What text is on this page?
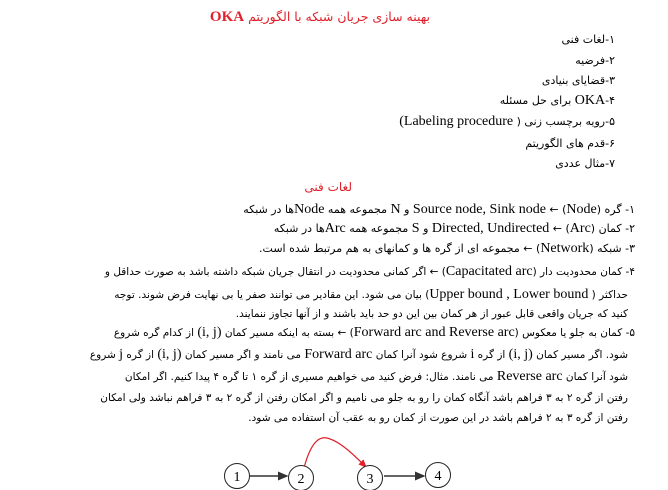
بهینه سازی جریان شبکه با الگوریتم OKA
۱-لغات فنی
۲-فرضیه
۳-قضایای بنیادی
۴-OKA برای حل مسئله
۵-رویه برچسب زنی ( Labeling procedure)
۶-قدم های الگوریتم
۷-مثال عددی
لغات فنی
۱- گره (Node) ← Source node, Sink node و N مجموعه همه Nodeها در شبکه
۲- کمان (Arc) ← Directed, Undirected و S مجموعه همه Arcها در شبکه
۳- شبکه (Network) ← مجموعه ای از گره ها و کمانهای به هم مرتبط شده است.
۴- کمان محدودیت دار (Capacitated arc) ← اگر کمانی محدودیت در انتقال جریان شبکه داشته باشد به صورت حداقل و
حداکثر ( Upper bound , Lower bound) بیان می شود. این مقادیر می توانند صفر یا بی نهایت فرض شوند. توجه
کنید که جریان واقعی قابل عبور از هر کمان بین این دو حد باید باشند و از آنها تجاوز ننمایند.
۵- کمان به جلو یا معکوس (Forward arc and Reverse arc) ← بسته به اینکه مسیر کمان (i, j) از کدام گره شروع
شود. اگر مسیر کمان (i, j) از گره i شروع شود آنرا کمان Forward arc می نامند و اگر مسیر کمان (i, j) از گره j شروع
شود آنرا کمان Reverse arc می نامند. مثال: فرض کنید می خواهیم مسیری از گره ۱ تا گره ۴ پیدا کنیم. اگر امکان
رفتن از گره ۲ به ۳ فراهم باشد آنگاه کمان را رو به جلو می نامیم و اگر امکان رفتن از گره ۲ به ۳ فراهم نباشد ولی امکان
رفتن از گره ۳ به ۲ فراهم باشد در این صورت از کمان رو به عقب آن استفاده می شود.
1	2	3	4
